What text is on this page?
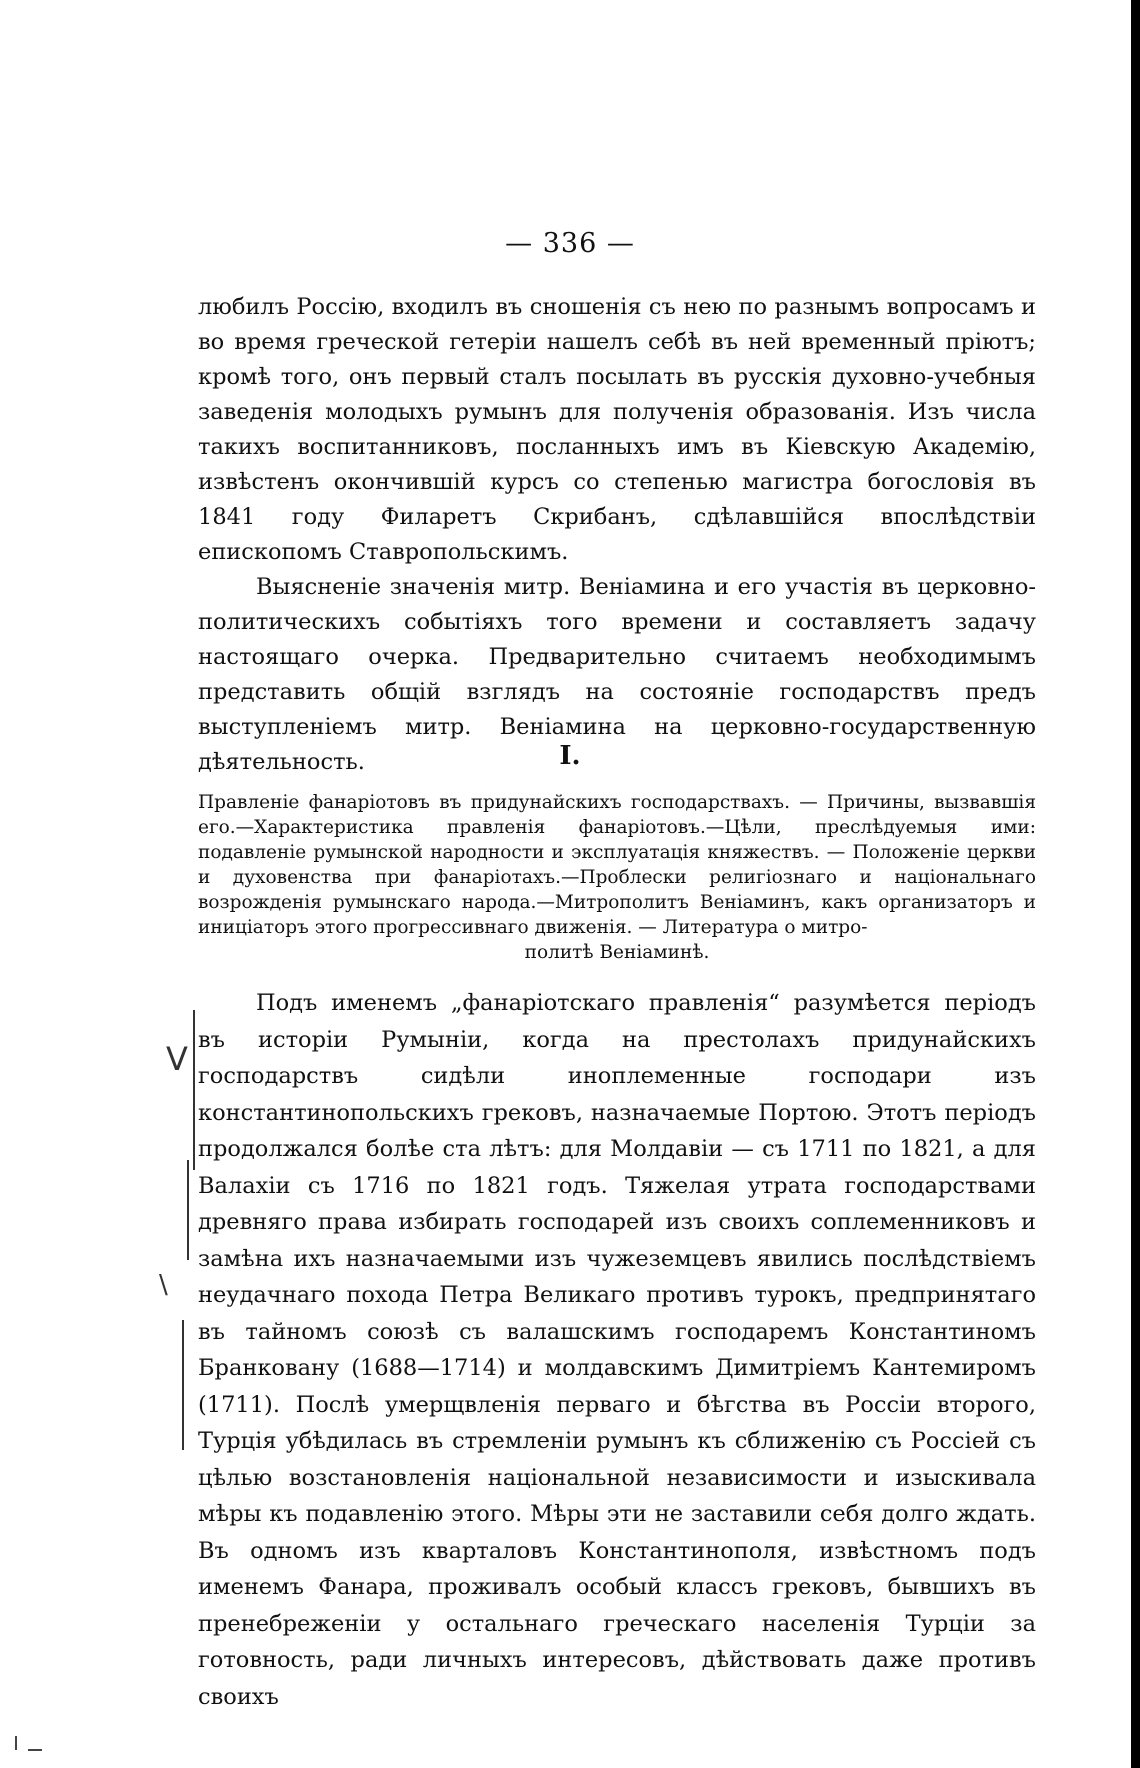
— 336 —

любилъ Россію, входилъ въ сношенія съ нею по разнымъ вопросамъ и во время греческой гетеріи нашелъ себѣ въ ней временный пріютъ; кромѣ того, онъ первый сталъ посылать въ русскія духовно-учебныя заведенія молодыхъ румынъ для полученія образованія. Изъ числа такихъ воспитанниковъ, посланныхъ имъ въ Кіевскую Академію, извѣстенъ окончившій курсъ со степенью магистра богословія въ 1841 году Филаретъ Скрибанъ, сдѣлавшійся впослѣдствіи епископомъ Ставропольскимъ.

Выясненіе значенія митр. Веніамина и его участія въ церковно-политическихъ событіяхъ того времени и составляетъ задачу настоящаго очерка. Предварительно считаемъ необходимымъ представить общій взглядъ на состояніе господарствъ предъ выступленіемъ митр. Веніамина на церковно-государственную дѣятельность.	I.
Правленіе фанаріотовъ въ придунайскихъ господарствахъ. — Причины, вызвавшія его.—Характеристика правленія фанаріотовъ.—Цѣли, преслѣдуемыя ими: подавленіе румынской народности и эксплуатація княжествъ. — Положеніе церкви и духовенства при фанаріотахъ.—Проблески религіознаго и національнаго возрожденія румынскаго народа.—Митрополитъ Веніаминъ, какъ организаторъ и иниціаторъ этого прогрессивнаго движенія. — Литература о митро-
политѣ Веніаминѣ.

Подъ именемъ „фанаріотскаго правленія“ разумѣется періодъ въ исторіи Румыніи, когда на престолахъ придунайскихъ господарствъ сидѣли иноплеменные господари изъ константинопольскихъ грековъ, назначаемые Портою. Этотъ періодъ продолжался болѣе ста лѣтъ: для Молдавіи — съ 1711 по 1821, а для Валахіи съ 1716 по 1821 годъ. Тяжелая утрата господарствами древняго права избирать господарей изъ своихъ соплеменниковъ и замѣна ихъ назначаемыми изъ чужеземцевъ явились послѣдствіемъ неудачнаго похода Петра Великаго противъ турокъ, предпринятаго въ тайномъ союзѣ съ валашскимъ господаремъ Константиномъ Бранковану (1688—1714) и молдавскимъ Димитріемъ Кантемиромъ (1711). Послѣ умерщвленія перваго и бѣгства въ Россіи второго, Турція убѣдилась въ стремленіи румынъ къ сближенію съ Россіей съ цѣлью возстановленія національной независимости и изыскивала мѣры къ подавленію этого. Мѣры эти не заставили себя долго ждать. Въ одномъ изъ кварталовъ Константинополя, извѣстномъ подъ именемъ Фанара, проживалъ особый классъ грековъ, бывшихъ въ пренебреженіи у остальнаго греческаго населенія Турціи за готовность, ради личныхъ интересовъ, дѣйствовать даже противъ своихъ

V
\
